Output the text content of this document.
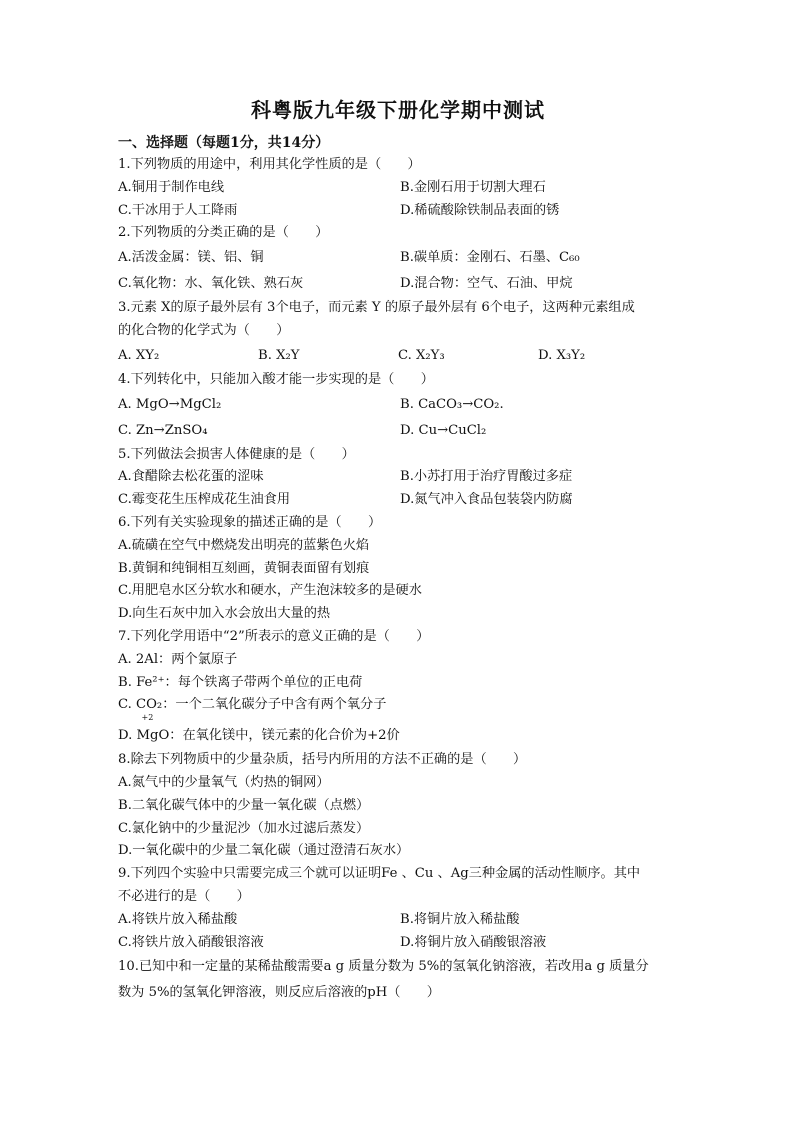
科粤版九年级下册化学期中测试
一、选择题（每题1分，共14分）
1.下列物质的用途中，利用其化学性质的是（　　）
A.铜用于制作电线	B.金刚石用于切割大理石
C.干冰用于人工降雨	D.稀硫酸除铁制品表面的锈
2.下列物质的分类正确的是（　　）
A.活泼金属：镁、铝、铜	B.碳单质：金刚石、石墨、C₆₀
C.氧化物：水、氧化铁、熟石灰	D.混合物：空气、石油、甲烷
3.元素 X的原子最外层有 3个电子，而元素 Y 的原子最外层有 6个电子，这两种元素组成
的化合物的化学式为（　　）
A. XY₂	B. X₂Y	C. X₂Y₃	D. X₃Y₂
4.下列转化中，只能加入酸才能一步实现的是（　　）
A. MgO→MgCl₂	B. CaCO₃→CO₂.
C. Zn→ZnSO₄	D. Cu→CuCl₂
5.下列做法会损害人体健康的是（　　）
A.食醋除去松花蛋的涩味	B.小苏打用于治疗胃酸过多症
C.霉变花生压榨成花生油食用	D.氮气冲入食品包装袋内防腐
6.下列有关实验现象的描述正确的是（　　）
A.硫磺在空气中燃烧发出明亮的蓝紫色火焰
B.黄铜和纯铜相互刻画，黄铜表面留有划痕
C.用肥皂水区分软水和硬水，产生泡沫较多的是硬水
D.向生石灰中加入水会放出大量的热
7.下列化学用语中“2”所表示的意义正确的是（　　）
A. 2Al：两个氯原子
B. Fe²⁺：每个铁离子带两个单位的正电荷
C. CO₂：一个二氧化碳分子中含有两个氧分子
D.
+2
MgO：在氧化镁中，镁元素的化合价为+2价
8.除去下列物质中的少量杂质，括号内所用的方法不正确的是（　　）
A.氮气中的少量氧气（灼热的铜网）
B.二氧化碳气体中的少量一氧化碳（点燃）
C.氯化钠中的少量泥沙（加水过滤后蒸发）
D.一氧化碳中的少量二氧化碳（通过澄清石灰水）
9.下列四个实验中只需要完成三个就可以证明Fe 、Cu 、Ag三种金属的活动性顺序。其中
不必进行的是（　　）
A.将铁片放入稀盐酸	B.将铜片放入稀盐酸
C.将铁片放入硝酸银溶液	D.将铜片放入硝酸银溶液
10.已知中和一定量的某稀盐酸需要a g 质量分数为 5%的氢氧化钠溶液，若改用a g 质量分
数为 5%的氢氧化钾溶液，则反应后溶液的pH（　　）
